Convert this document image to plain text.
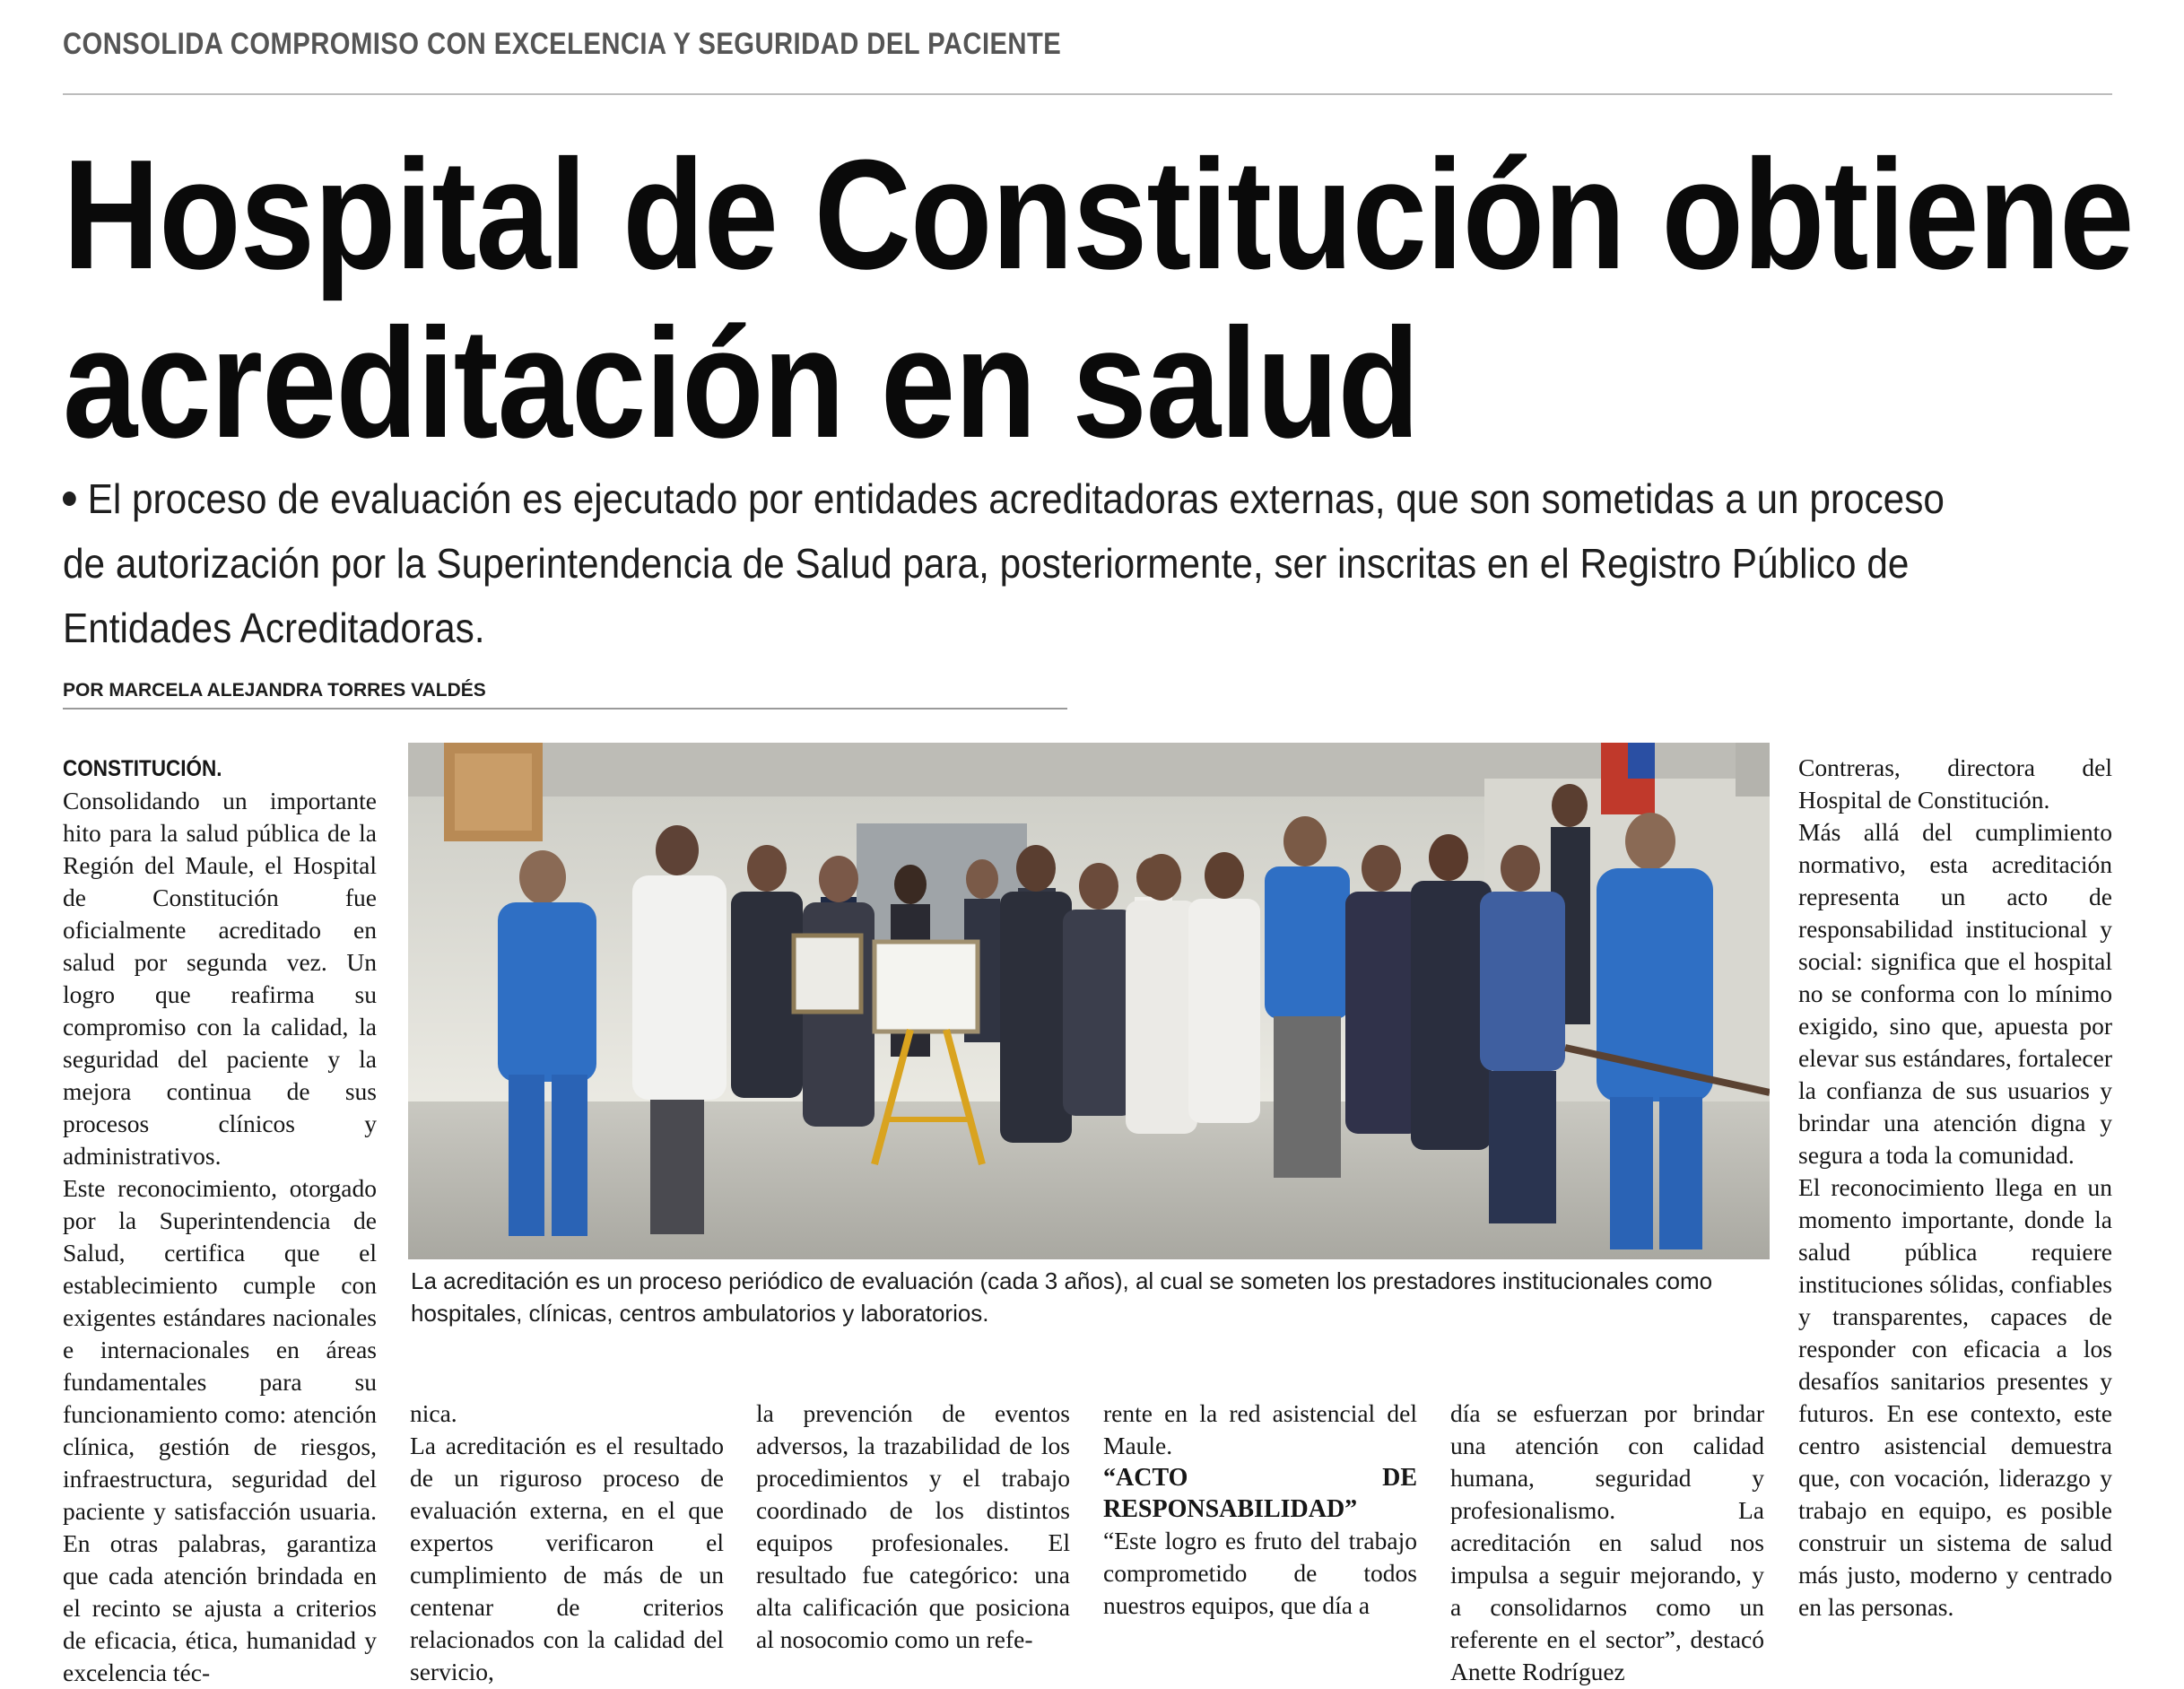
CONSOLIDA COMPROMISO CON EXCELENCIA Y SEGURIDAD DEL PACIENTE
Hospital de Constitución obtiene
acreditación en salud

El proceso de evaluación es ejecutado por entidades acreditadoras externas, que son sometidas a un proceso de autorización por la Superintendencia de Salud para, posteriormente, ser inscritas en el Registro Público de Entidades Acreditadoras.

POR MARCELA ALEJANDRA TORRES VALDÉS

CONSTITUCIÓN. Consolidando un importante hito para la salud pública de la Región del Maule, el Hospital de Constitución fue oficialmente acreditado en salud por segunda vez. Un logro que reafirma su compromiso con la calidad, la seguridad del paciente y la mejora continua de sus procesos clínicos y administrativos.

Este reconocimiento, otorgado por la Superintendencia de Salud, certifica que el establecimiento cumple con exigentes estándares nacionales e internacionales en áreas fundamentales para su funcionamiento como: atención clínica, gestión de riesgos, infraestructura, seguridad del paciente y satisfacción usuaria. En otras palabras, garantiza que cada atención brindada en el recinto se ajusta a criterios de eficacia, ética, humanidad y excelencia téc-

La acreditación es un proceso periódico de evaluación (cada 3 años), al cual se someten los prestadores institucionales como hospitales, clínicas, centros ambulatorios y laboratorios.

nica.

La acreditación es el resultado de un riguroso proceso de evaluación externa, en el que expertos verificaron el cumplimiento de más de un centenar de criterios relacionados con la calidad del servicio,

la prevención de eventos adversos, la trazabilidad de los procedimientos y el trabajo coordinado de los distintos equipos profesionales. El resultado fue categórico: una alta calificación que posiciona al nosocomio como un refe-

rente en la red asistencial del Maule.

“ACTO DE RESPONSABILIDAD”

“Este logro es fruto del trabajo comprometido de todos nuestros equipos, que día a

día se esfuerzan por brindar una atención con calidad humana, seguridad y profesionalismo. La acreditación en salud nos impulsa a seguir mejorando, y a consolidarnos como un referente en el sector”, destacó Anette Rodríguez

Contreras, directora del Hospital de Constitución.

Más allá del cumplimiento normativo, esta acreditación representa un acto de responsabilidad institucional y social: significa que el hospital no se conforma con lo mínimo exigido, sino que, apuesta por elevar sus estándares, fortalecer la confianza de sus usuarios y brindar una atención digna y segura a toda la comunidad.

El reconocimiento llega en un momento importante, donde la salud pública requiere instituciones sólidas, confiables y transparentes, capaces de responder con eficacia a los desafíos sanitarios presentes y futuros. En ese contexto, este centro asistencial demuestra que, con vocación, liderazgo y trabajo en equipo, es posible construir un sistema de salud más justo, moderno y centrado en las personas.
